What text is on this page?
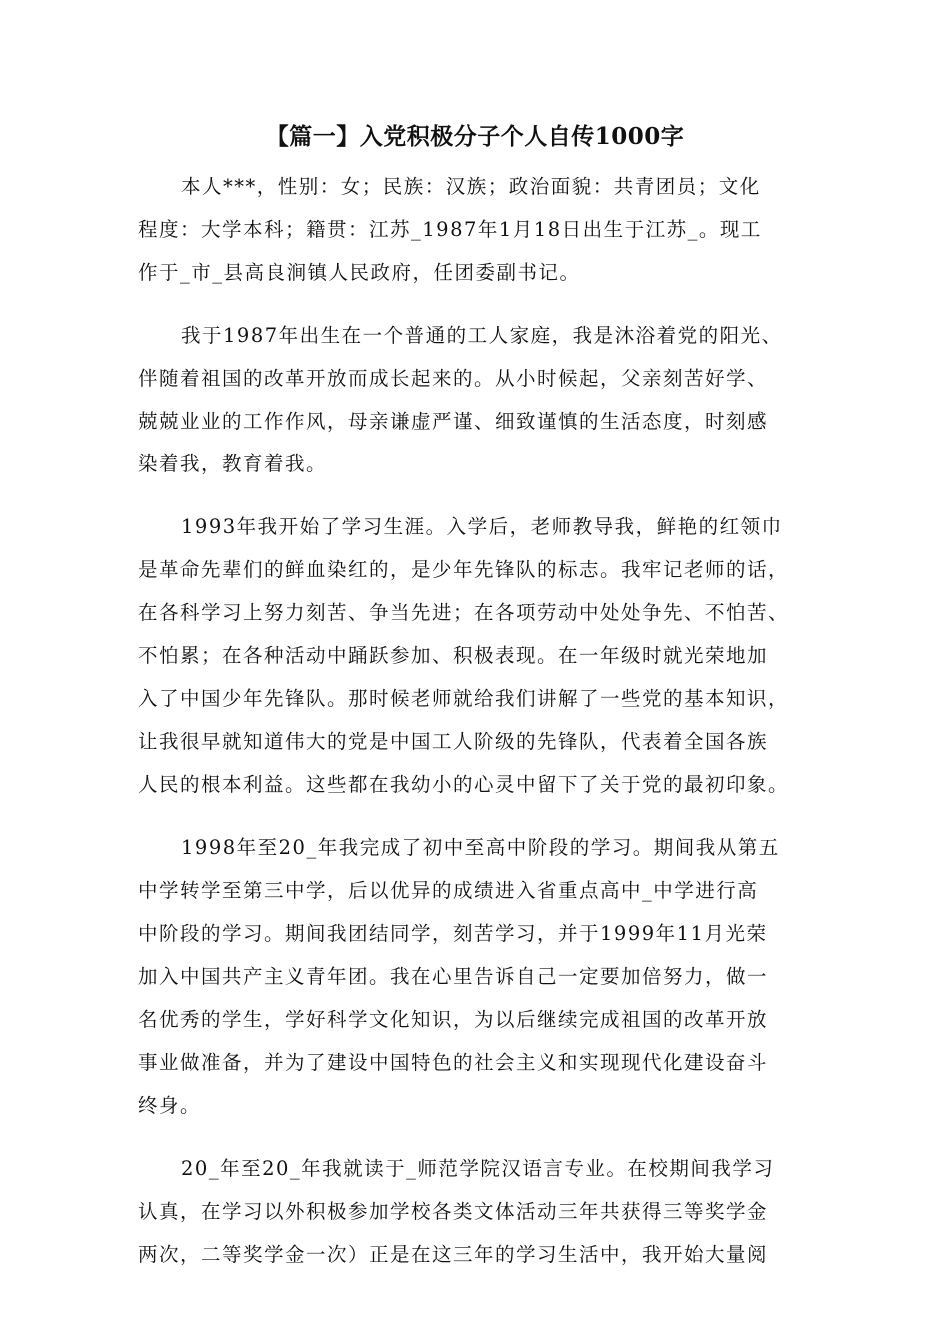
【篇一】入党积极分子个人自传1000字

本人***，性别：女；民族：汉族；政治面貌：共青团员；文化

程度：大学本科；籍贯：江苏_1987年1月18日出生于江苏_。现工

作于_市_县高良涧镇人民政府，任团委副书记。

我于1987年出生在一个普通的工人家庭，我是沐浴着党的阳光、

伴随着祖国的改革开放而成长起来的。从小时候起，父亲刻苦好学、

兢兢业业的工作作风，母亲谦虚严谨、细致谨慎的生活态度，时刻感

染着我，教育着我。

1993年我开始了学习生涯。入学后，老师教导我，鲜艳的红领巾

是革命先辈们的鲜血染红的，是少年先锋队的标志。我牢记老师的话，

在各科学习上努力刻苦、争当先进；在各项劳动中处处争先、不怕苦、

不怕累；在各种活动中踊跃参加、积极表现。在一年级时就光荣地加

入了中国少年先锋队。那时候老师就给我们讲解了一些党的基本知识，

让我很早就知道伟大的党是中国工人阶级的先锋队，代表着全国各族

人民的根本利益。这些都在我幼小的心灵中留下了关于党的最初印象。

1998年至20_年我完成了初中至高中阶段的学习。期间我从第五

中学转学至第三中学，后以优异的成绩进入省重点高中_中学进行高

中阶段的学习。期间我团结同学，刻苦学习，并于1999年11月光荣

加入中国共产主义青年团。我在心里告诉自己一定要加倍努力，做一

名优秀的学生，学好科学文化知识，为以后继续完成祖国的改革开放

事业做准备，并为了建设中国特色的社会主义和实现现代化建设奋斗

终身。

20_年至20_年我就读于_师范学院汉语言专业。在校期间我学习

认真，在学习以外积极参加学校各类文体活动三年共获得三等奖学金

两次，二等奖学金一次）正是在这三年的学习生活中，我开始大量阅
